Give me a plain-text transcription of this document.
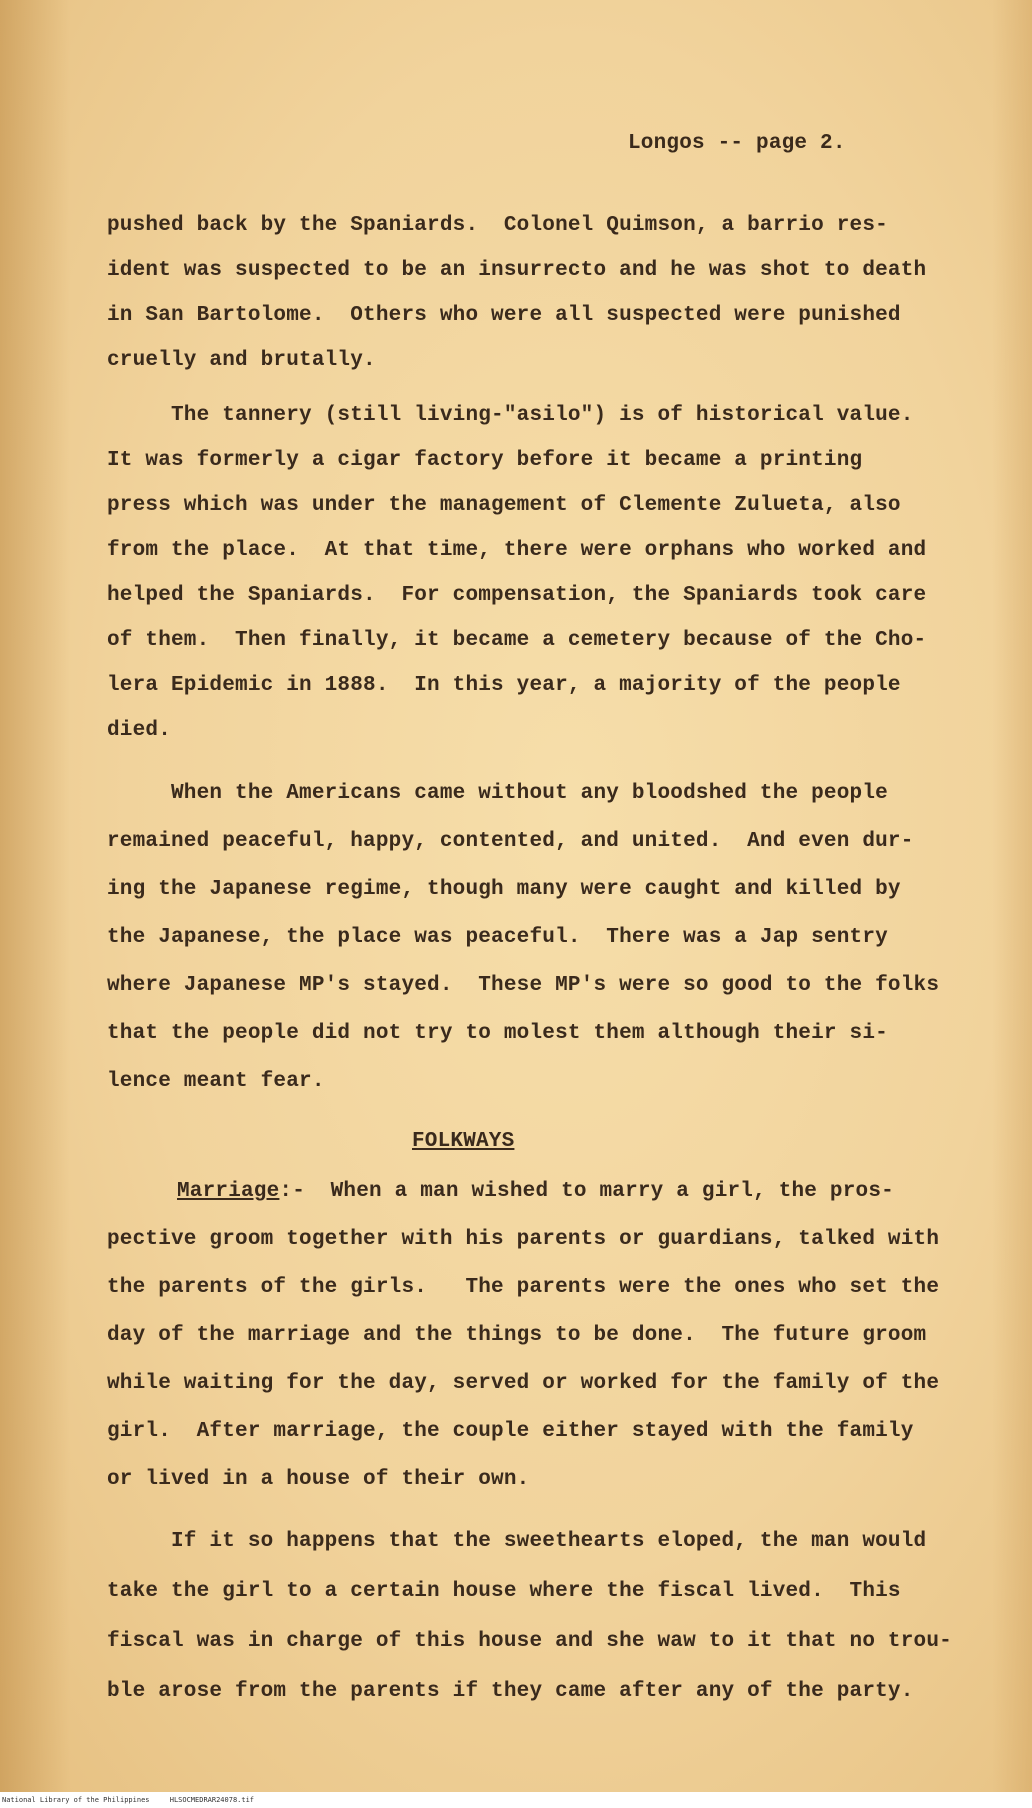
Longos -- page 2.
pushed back by the Spaniards.  Colonel Quimson, a barrio res-
ident was suspected to be an insurrecto and he was shot to death
in San Bartolome.  Others who were all suspected were punished
cruelly and brutally.
The tannery (still living-"asilo") is of historical value.
It was formerly a cigar factory before it became a printing
press which was under the management of Clemente Zulueta, also
from the place.  At that time, there were orphans who worked and
helped the Spaniards.  For compensation, the Spaniards took care
of them.  Then finally, it became a cemetery because of the Cho-
lera Epidemic in 1888.  In this year, a majority of the people
died.
When the Americans came without any bloodshed the people
remained peaceful, happy, contented, and united.  And even dur-
ing the Japanese regime, though many were caught and killed by
the Japanese, the place was peaceful.  There was a Jap sentry
where Japanese MP's stayed.  These MP's were so good to the folks
that the people did not try to molest them although their si-
lence meant fear.
FOLKWAYS
Marriage:-  When a man wished to marry a girl, the pros-
pective groom together with his parents or guardians, talked with
the parents of the girls.   The parents were the ones who set the
day of the marriage and the things to be done.  The future groom
while waiting for the day, served or worked for the family of the
girl.  After marriage, the couple either stayed with the family
or lived in a house of their own.
If it so happens that the sweethearts eloped, the man would
take the girl to a certain house where the fiscal lived.  This
fiscal was in charge of this house and she waw to it that no trou-
ble arose from the parents if they came after any of the party.
National Library of the Philippines	HLSOCMEDRAR24078.tif
